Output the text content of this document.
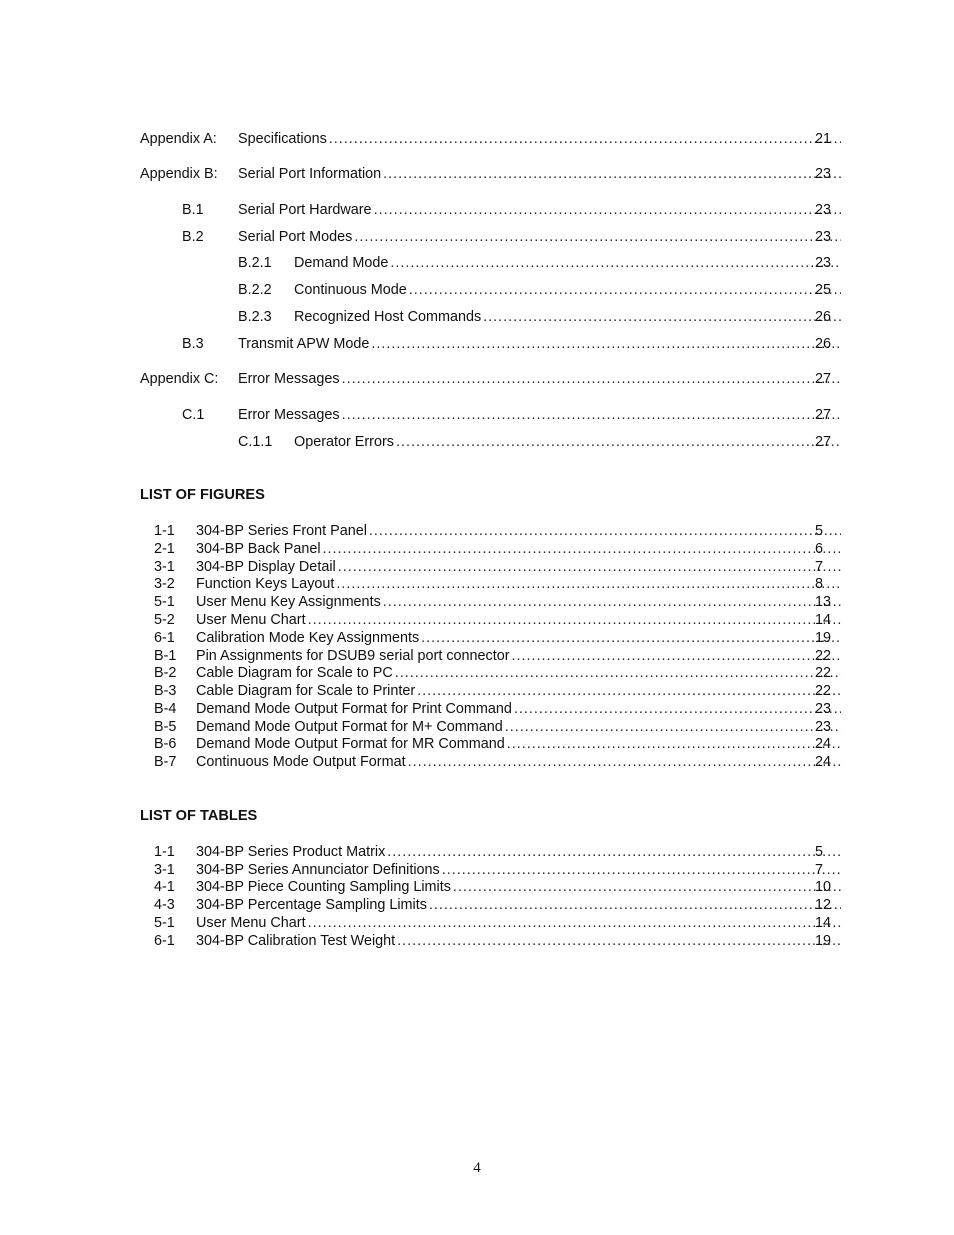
Appendix A: Specifications .....	21
Appendix B: Serial Port Information .....	23
B.1 Serial Port Hardware .....	23
B.2 Serial Port Modes .....	23
B.2.1 Demand Mode .....	23
B.2.2 Continuous Mode .....	25
B.2.3 Recognized Host Commands .....	26
B.3 Transmit APW Mode .....	26
Appendix C: Error Messages .....	27
C.1 Error Messages .....	27
C.1.1 Operator Errors .....	27
LIST OF FIGURES
1-1 304-BP Series Front Panel .....	5
2-1 304-BP Back Panel .....	6
3-1 304-BP Display Detail .....	7
3-2 Function Keys Layout .....	8
5-1 User Menu Key Assignments .....	13
5-2 User Menu Chart .....	14
6-1 Calibration Mode Key Assignments .....	19
B-1 Pin Assignments for DSUB9 serial port connector .....	22
B-2 Cable Diagram for Scale to PC .....	22
B-3 Cable Diagram for Scale to Printer .....	22
B-4 Demand Mode Output Format for Print Command .....	23
B-5 Demand Mode Output Format for M+ Command .....	23
B-6 Demand Mode Output Format for MR Command .....	24
B-7 Continuous Mode Output Format .....	24
LIST OF TABLES
1-1 304-BP Series Product Matrix .....	5
3-1 304-BP Series Annunciator Definitions .....	7
4-1 304-BP Piece Counting Sampling Limits .....	10
4-3 304-BP Percentage Sampling Limits .....	12
5-1 User Menu Chart .....	14
6-1 304-BP Calibration Test Weight .....	19
4
